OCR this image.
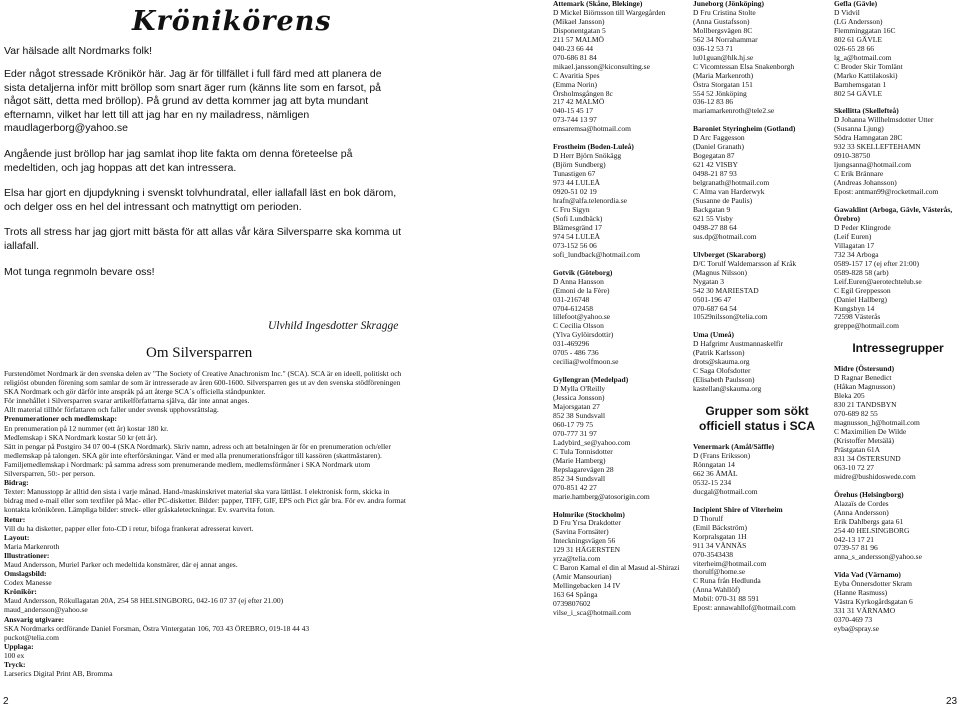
Krönikörens
Var hälsade allt Nordmarks folk!

Eder något stressade Krönikör här. Jag är för tillfället i full färd med att planera de sista detaljerna inför mitt bröllop som snart äger rum (känns lite som en farsot, på något sätt, detta med bröllop). På grund av detta kommer jag att byta mundant efternamn, vilket har lett till att jag har en ny mailadress, nämligen maudlagerborg@yahoo.se

Angående just bröllop har jag samlat ihop lite fakta om denna företeelse på medeltiden, och jag hoppas att det kan intressera.

Elsa har gjort en djupdykning i svenskt tolvhundratal, eller iallafall läst en bok därom, och delger oss en hel del intressant och matnyttigt om perioden.

Trots all stress har jag gjort mitt bästa för att allas vår kära Silversparre ska komma ut iallafall.

Mot tunga regnmoln bevare oss!

Ulvhild Ingesdotter Skragge
Om Silversparren
Furstendömet Nordmark är den svenska delen av "The Society of Creative Anachronism Inc." (SCA). SCA är en ideell, politiskt och religiöst obunden förening som samlar de som är intresserade av åren 600-1600. Silversparren ges ut av den svenska stödföreningen SKA Nordmark och gör därför inte anspråk på att återge SCA´s officiella ståndpunkter.
För innehållet i Silversparren svarar artikelförfattarna själva, där inte annat anges.
Allt material tillhör författaren och faller under svensk upphovsrättslag.
Prenumerationer och medlemskap:
En prenumeration på 12 nummer (ett år) kostar 180 kr.
Medlemskap i SKA Nordmark kostar 50 kr (ett år).
Sätt in pengar på Postgiro 34 07 00-4 (SKA Nordmark). Skriv namn, adress och att betalningen är för en prenumeration och/eller medlemskap på talongen. SKA gör inte efterförskningar. Vänd er med alla prenumerationsfrågor till kassören (skattmästaren).
Familjemedlemskap i Nordmark: på samma adress som prenumerande medlem, medlemsförmåner i SKA Nordmark utom Silversparren, 50:- per person.
Bidrag:
Texter: Manusstopp är alltid den sista i varje månad. Hand-/maskinskrivet material ska vara lättläst. I elektronisk form, skicka in bidrag med e-mail eller som textfiler på Mac- eller PC-disketter. Bilder: papper, TIFF, GIF, EPS och Pict går bra. För ev. andra format kontakta krönikören. Lämpliga bilder: streck- eller gråskaleteckningar. Ev. svartvita foton.
Retur:
Vill du ha disketter, papper eller foto-CD i retur, bifoga frankerat adresserat kuvert.
Layout:
Maria Markenroth
Illustrationer:
Maud Andersson, Muriel Parker och medeltida konstnärer, där ej annat anges.
Omslagsbild:
Codex Manesse
Krönikör:
Maud Andersson, Rökullagatan 20A, 254 58 HELSINGBORG, 042-16 07 37 (ej efter 21.00)
maud_andersson@yahoo.se
Ansvarig utgivare:
SKA Nordmarks ordförande Daniel Forsman, Östra Vintergatan 106, 703 43 ÖREBRO, 019-18 44 43
puckot@telia.com
Upplaga:
100 ex
Tryck:
Larserics Digital Print AB, Bromma
2
Attemark (Skåne, Blekinge)
D Mickel Biörnsson till Wargegården
(Mikael Jansson)
Disponentgatan 5
211 57 MALMÖ
040-23 66 44
070-686 81 84
mikael.jansson@kiconsulting.se
C Avaritia Spes
(Emma Norin)
Örsholmsgången 8c
217 42 MALMÖ
040-15 45 17
073-744 13 97
emsaremsa@hotmail.com
Frostheim (Boden-Luleå)
D Herr Björn Snökägg
(Björn Sundberg)
Tunastigen 67
973 44 LULEÅ
0920-51 02 19
hrafn@alfa.telenordia.se
C Fru Sigyn
(Sofi Lundbäck)
Blämesgränd 17
974 54 LULEÅ
073-152 56 06
sofi_lundback@hotmail.com
Gotvik (Göteborg)
D Anna Hansson
(Emoni de la Fère)
031-216748
0704-612458
lillefoot@yahoo.se
C Cecilia Olsson
(Ylva Gylöirsdottir)
031-469296
0705 - 486 736
cecilia@wolfmoon.se
Gyllengran (Medelpad)
D Mylla O'Reilly
(Jessica Jonsson)
Majorsgatan 27
852 38 Sundsvall
060-17 79 75
070-777 31 97
Ladybird_se@yahoo.com
C Tula Tonnisdotter
(Marie Hamberg)
Repslagarevägen 28
852 34 Sundsvall
070-851 42 27
marie.hamberg@atosorigin.com
Holmrike (Stockholm)
D Fru Yrsa Drakdotter
(Savina Fornsäter)
Inteckningsvägen 56
129 31 HÄGERSTEN
yrza@telia.com
C Baron Kamal el din al Masud al-Shirazi
(Amir Mansourian)
Mellingebacken 14 IV
163 64 Spånga
0739807602
vilse_i_sca@hotmail.com
Juneborg (Jönköping)
D Fru Cristina Stolte
(Anna Gustafsson)
Mollbergsvägen 8C
562 34 Norrahammar
036-12 53 71
lu01guan@hlk.hj.se
C Vicomtessan Elsa Snakenborgh
(Maria Markenroth)
Östra Storgatan 151
554 52 Jönköping
036-12 83 86
mariamarkenroth@tele2.se
Baroniet Styringheim (Gotland)
D Arc Faggesson
(Daniel Granath)
Bogegatan 87
621 42 VISBY
0498-21 87 93
belgranath@hotmail.com
C Alma van Harderwyk
(Susanne de Paulis)
Backgatan 9
621 55 Visby
0498-27 88 64
sus.dp@hotmail.com
Ulvberget (Skaraborg)
D/C Torulf Waldemarsson af Kråk
(Magnus Nilsson)
Nygatan 3
542 30 MARIESTAD
0501-196 47
070-687 64 54
10529nilsson@telia.com
Uma (Umeå)
D Hafgrimr Austmannaskelfir
(Patrik Karlsson)
drots@skauma.org
C Saga Olofsdotter
(Elisabeth Paulsson)
kastellan@skauma.org
Grupper som sökt officiell status i SCA
Venermark (Amål/Säffle)
D (Frans Eriksson)
Rönngatan 14
662 36 ÅMÅL
0532-15 234
ducgal@hotmail.com
Incipient Shire of Viterheim
D Thorulf
(Emil Bäckström)
Korpralsgatan 1H
911 34 VÄNNÄS
070-3543438
viterheim@hotmail.com
thorulf@home.se
C Runa från Hedlunda
(Anna Wahllöf)
Mobil: 070-31 88 591
Epost: annawahllof@hotmail.com
Gefla (Gävle)
D Vidvil
(LG Andersson)
Flemminggatan 16C
802 61 GÄVLE
026-65 28 66
lg_a@hotmail.com
C Broder Skir Tomlänt
(Marko Kattilakoski)
Barnhemsgatan 1
802 54 GÄVLE
Skellitta (Skellefteå)
D Johanna Willhelmsdotter Utter
(Susanna Ljung)
Södra Hamngatan 28C
932 33 SKELLEFTEHAMN
0910-38750
ljungsanna@hotmail.com
C Erik Brännare
(Andreas Johansson)
Epost: antman99@rocketmail.com
Gawaklint (Arboga, Gävle, Västerås, Örebro)
D Peder Klingrode
(Leif Euren)
Villagatan 17
732 34 Arboga
0589-157 17 (ej efter 21:00)
0589-828 58 (arb)
Leif.Euren@aerotechtelub.se
C Egil Greppesson
(Daniel Hallberg)
Kungsbyn 14
72598 Västerås
greppe@hotmail.com
Intressegrupper
Midre (Östersund)
D Ragnar Benedict
(Håkan Magnusson)
Bleka 205
830 21 TANDSBYN
070-689 82 55
magnusson_h@hotmail.com
C Maximilien De Wilde
(Kristoffer Metsälä)
Prästgatan 61A
831 34 ÖSTERSUND
063-10 72 27
midre@bushidoswede.com
Örehus (Helsingborg)
Alazaïs de Cordes
(Anna Andersson)
Erik Dahlbergs gata 61
254 40 HELSINGBORG
042-13 17 21
0739-57 81 96
anna_s_andersson@yahoo.se
Vida Vad (Värnamo)
Eyba Önnersdotter Skram
(Hanne Rasmuss)
Västra Kyrkogårdsgatan 6
331 31 VÄRNAMO
0370-469 73
eyba@spray.se
23
